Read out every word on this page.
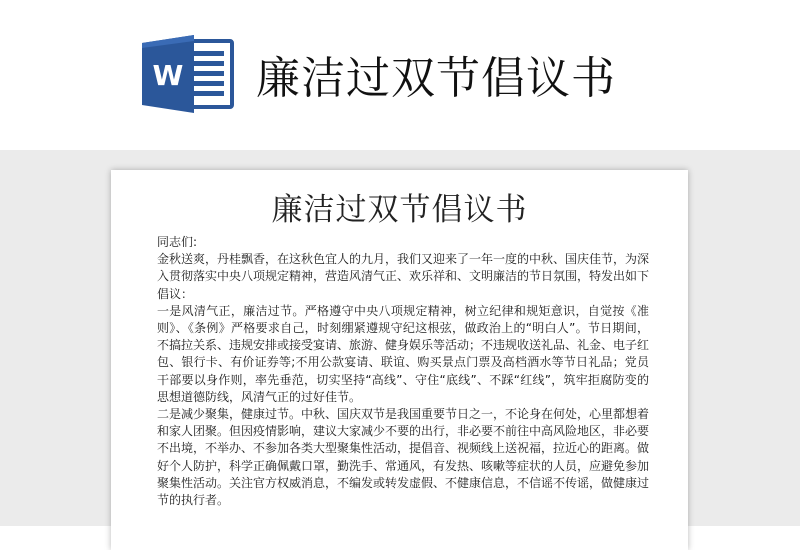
W 廉洁过双节倡议书
廉洁过双节倡议书

同志们:

金秋送爽，丹桂飘香，在这秋色宜人的九月，我们又迎来了一年一度的中秋、国庆佳节，为深入贯彻落实中央八项规定精神，营造风清气正、欢乐祥和、文明廉洁的节日氛围，特发出如下倡议：

一是风清气正，廉洁过节。严格遵守中央八项规定精神，树立纪律和规矩意识，自觉按《准则》、《条例》严格要求自己，时刻绷紧遵规守纪这根弦，做政治上的“明白人”。节日期间，不搞拉关系、违规安排或接受宴请、旅游、健身娱乐等活动；不违规收送礼品、礼金、电子红包、银行卡、有价证券等;不用公款宴请、联谊、购买景点门票及高档酒水等节日礼品；党员干部要以身作则，率先垂范，切实坚持“高线”、守住“底线”、不踩“红线”，筑牢拒腐防变的思想道德防线，风清气正的过好佳节。

二是减少聚集，健康过节。中秋、国庆双节是我国重要节日之一，不论身在何处，心里都想着和家人团聚。但因疫情影响，建议大家减少不要的出行，非必要不前往中高风险地区，非必要不出境，不举办、不参加各类大型聚集性活动，提倡音、视频线上送祝福，拉近心的距离。做好个人防护，科学正确佩戴口罩，勤洗手、常通风，有发热、咳嗽等症状的人员，应避免参加聚集性活动。关注官方权威消息，不编发或转发虚假、不健康信息，不信谣不传谣，做健康过节的执行者。
